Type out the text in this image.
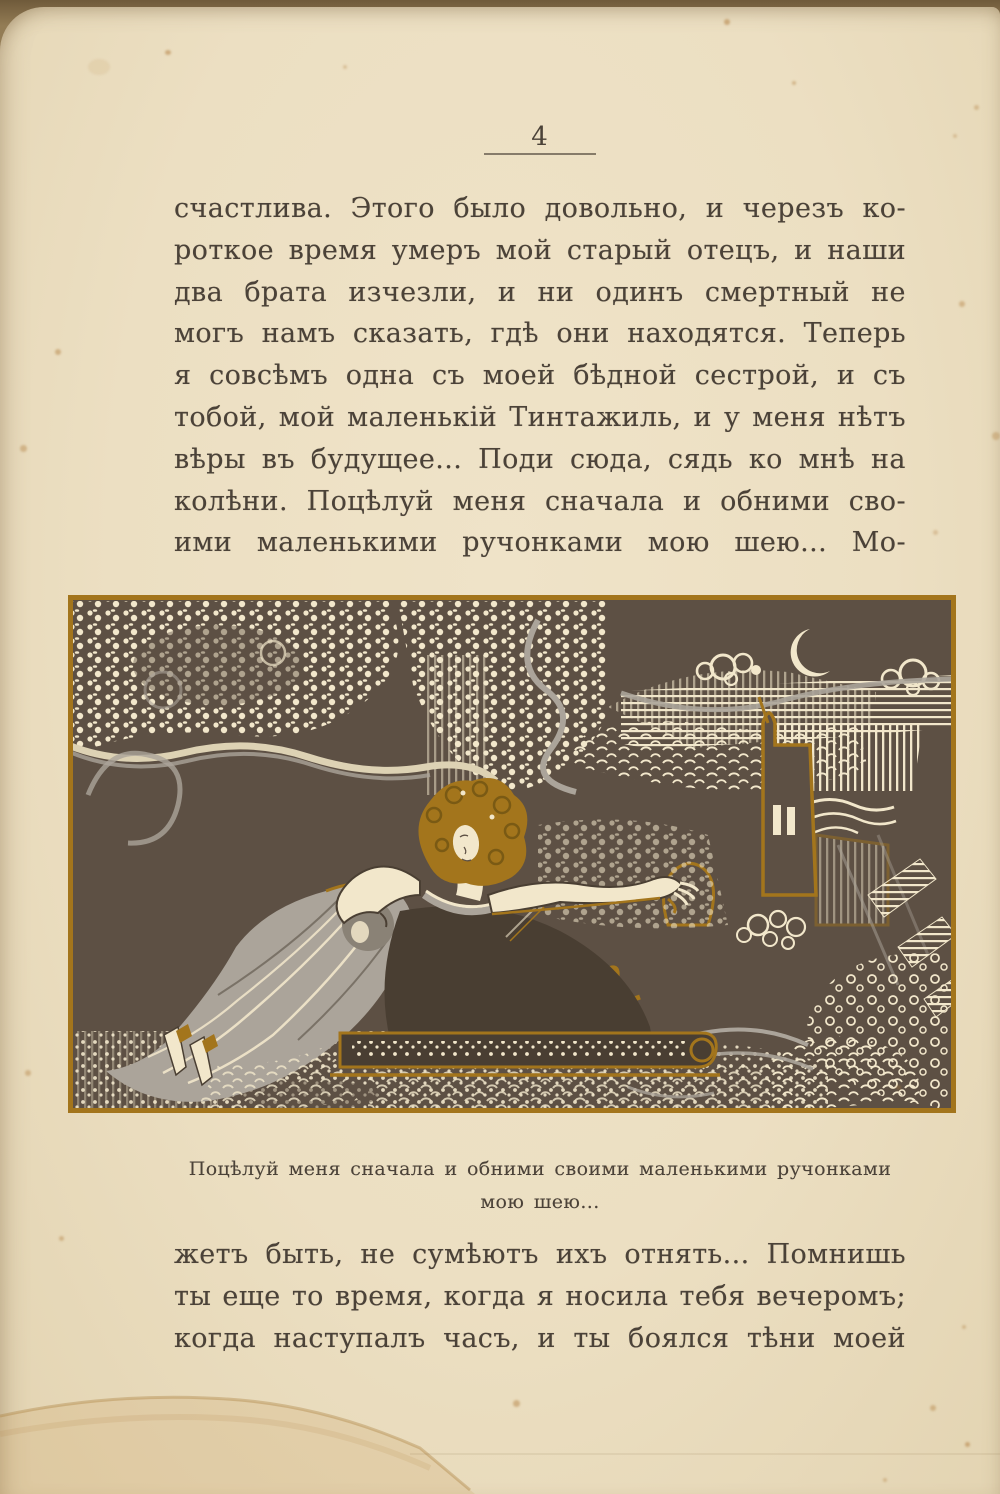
4
счастлива. Этого было довольно, и черезъ ко-
роткое время умеръ мой старый отецъ, и наши
два брата изчезли, и ни одинъ смертный не
могъ намъ сказать, гдѣ они находятся. Теперь
я совсѣмъ одна съ моей бѣдной сестрой, и съ
тобой, мой маленькій Тинтажиль, и у меня нѣтъ
вѣры въ будущее... Поди сюда, сядь ко мнѣ на
колѣни. Поцѣлуй меня сначала и обними сво-
ими маленькими ручонками мою шею... Мо-
Поцѣлуй меня сначала и обними своими маленькими ручонками
мою шею...
жетъ быть, не сумѣютъ ихъ отнять... Помнишь
ты еще то время, когда я носила тебя вечеромъ;
когда наступалъ часъ, и ты боялся тѣни моей
